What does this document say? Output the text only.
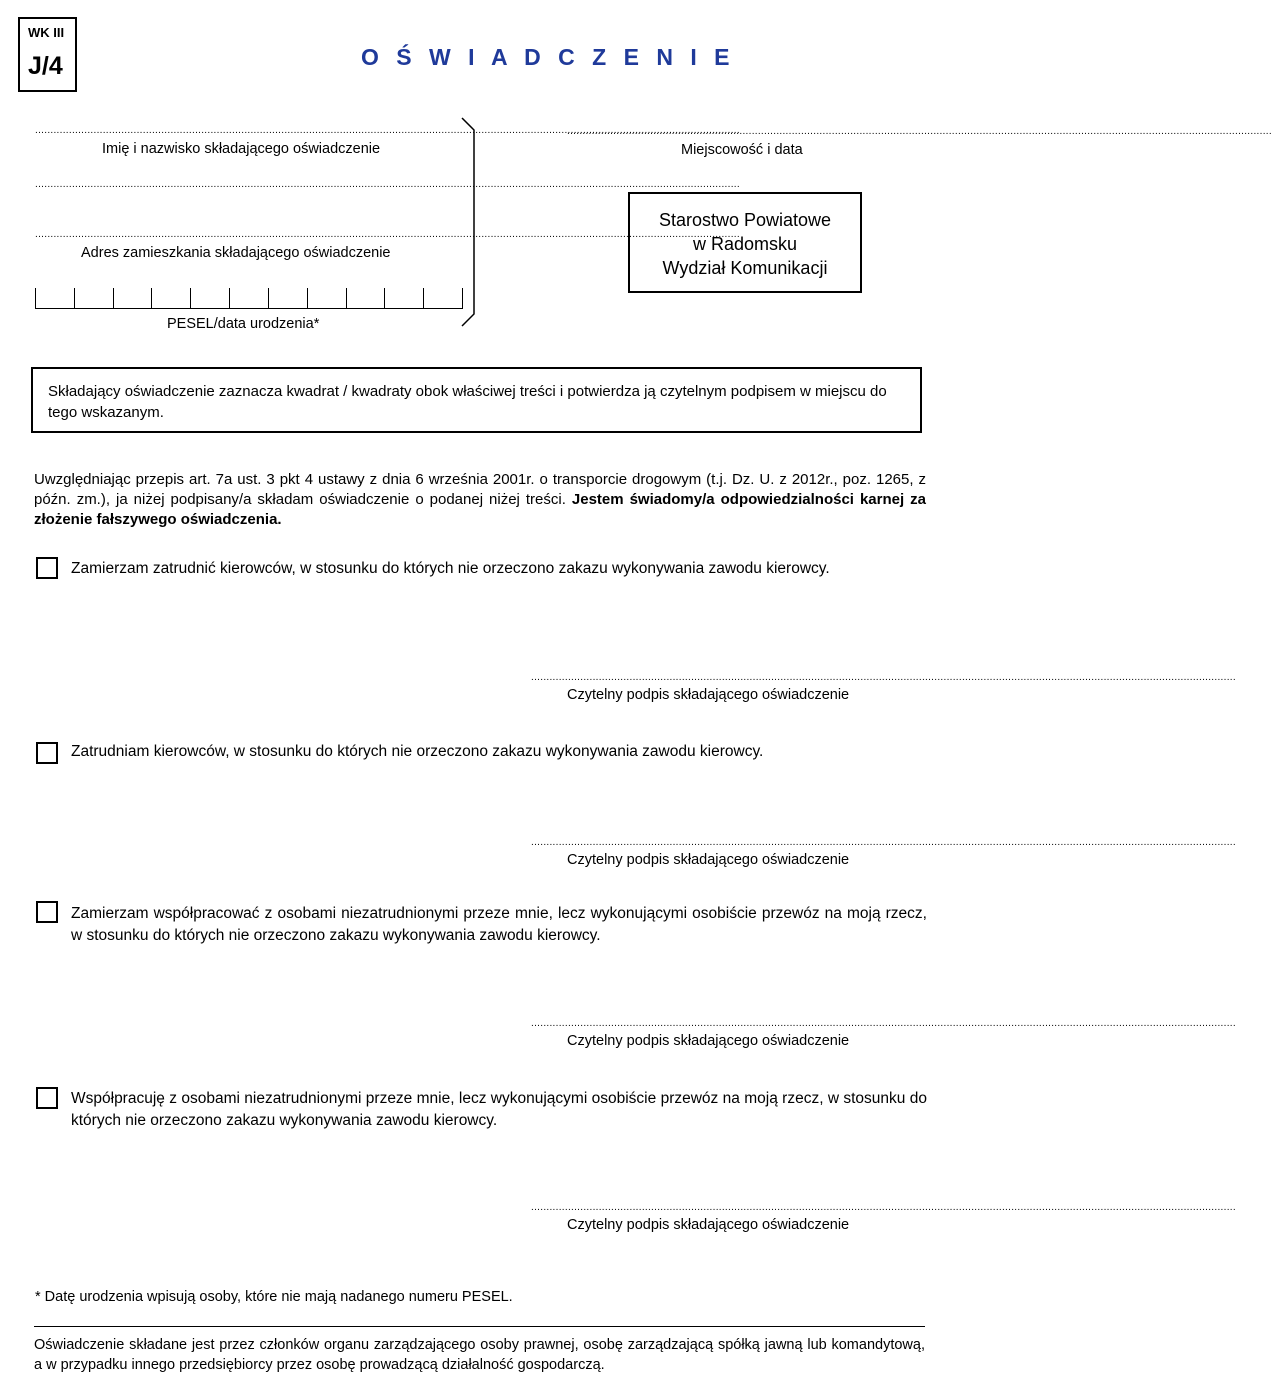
WK III
J/4	O Ś W I A D C Z E N I E
.....................................................................................................................................................................................................................................
Imię i nazwisko składającego oświadczenie
.....................................................................................................................................................................................................................................
Miejscowość i data
.....................................................................................................................................................................................................................................
.....................................................................................................................................................................................................................................
Adres zamieszkania składającego oświadczenie
Starostwo Powiatowe
w Radomsku
Wydział Komunikacji
PESEL/data urodzenia*
Składający oświadczenie zaznacza kwadrat / kwadraty obok właściwej treści i potwierdza ją czytelnym podpisem w miejscu do tego wskazanym.
Uwzględniając przepis art. 7a ust. 3 pkt 4 ustawy z dnia 6 września 2001r. o transporcie drogowym (t.j. Dz. U. z 2012r., poz. 1265, z późn. zm.), ja niżej podpisany/a składam oświadczenie o podanej niżej treści. Jestem świadomy/a odpowiedzialności karnej za złożenie fałszywego oświadczenia.
Zamierzam zatrudnić kierowców, w stosunku do których nie orzeczono zakazu wykonywania zawodu kierowcy.
.....................................................................................................................................................................................................................................
Czytelny podpis składającego oświadczenie
Zatrudniam kierowców, w stosunku do których nie orzeczono zakazu wykonywania zawodu kierowcy.
.....................................................................................................................................................................................................................................
Czytelny podpis składającego oświadczenie
Zamierzam współpracować z osobami niezatrudnionymi przeze mnie, lecz wykonującymi osobiście przewóz na moją rzecz, w stosunku do których nie orzeczono zakazu wykonywania zawodu kierowcy.
.....................................................................................................................................................................................................................................
Czytelny podpis składającego oświadczenie
Współpracuję z osobami niezatrudnionymi przeze mnie, lecz wykonującymi osobiście przewóz na moją rzecz, w stosunku do których nie orzeczono zakazu wykonywania zawodu kierowcy.
.....................................................................................................................................................................................................................................
Czytelny podpis składającego oświadczenie
* Datę urodzenia wpisują osoby, które nie mają nadanego numeru PESEL.
Oświadczenie składane jest przez członków organu zarządzającego osoby prawnej, osobę zarządzającą spółką jawną lub komandytową, a w przypadku innego przedsiębiorcy przez osobę prowadzącą działalność gospodarczą.
